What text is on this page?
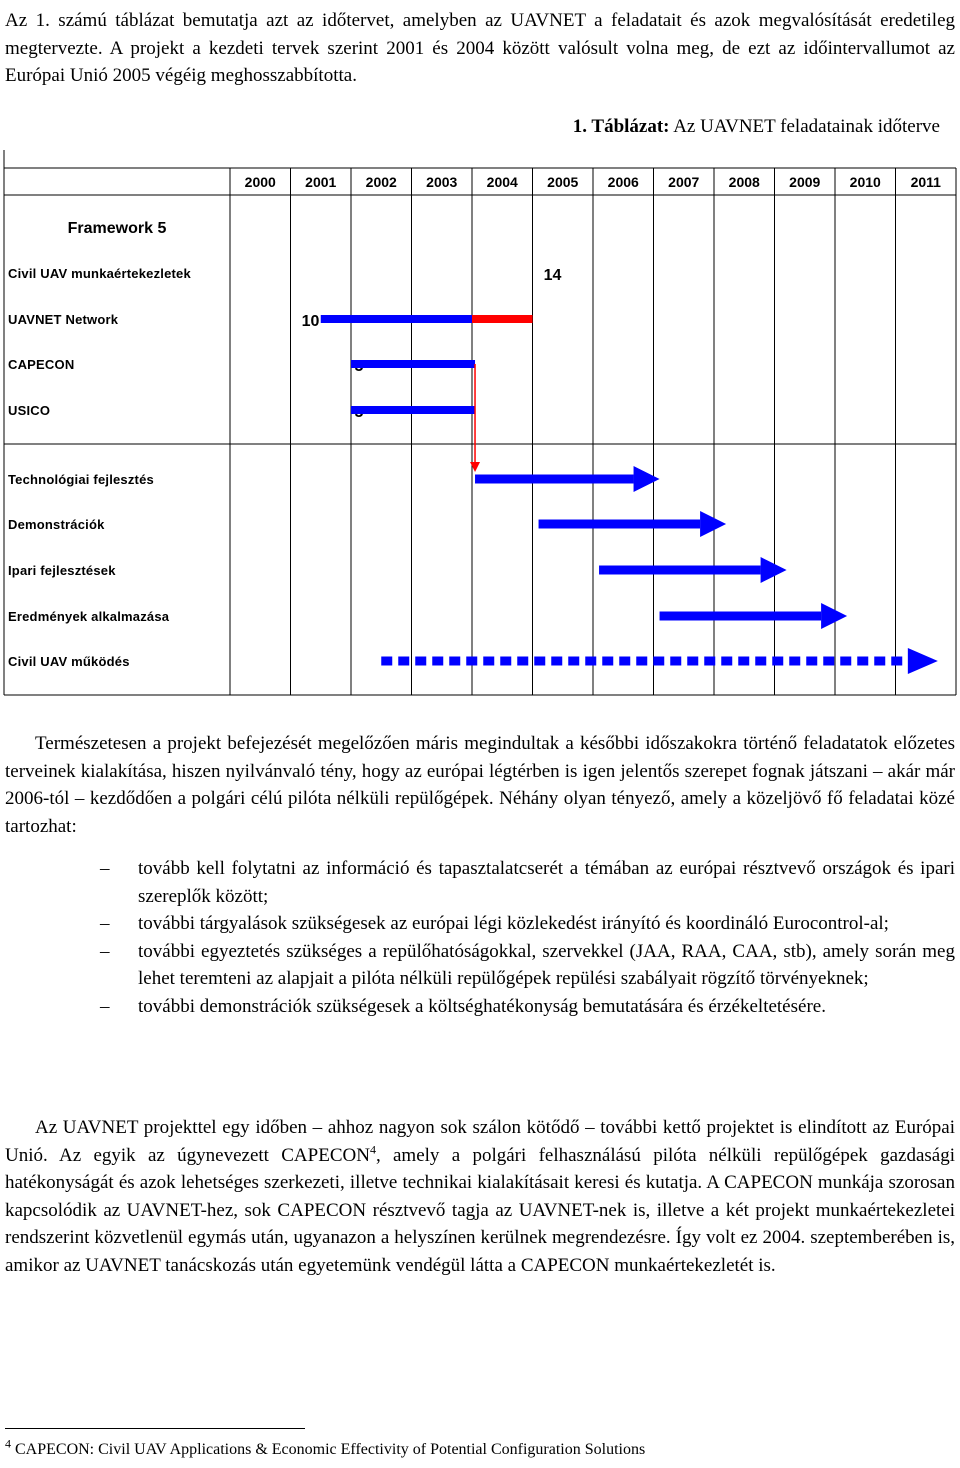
Az 1. számú táblázat bemutatja azt az időtervet, amelyben az UAVNET a feladatait és azok megvalósítását eredetileg megtervezte. A projekt a kezdeti tervek szerint 2001 és 2004 között valósult volna meg, de ezt az időintervallumot az Európai Unió 2005 végéig meghosszabbította.

1. Táblázat: Az UAVNET feladatainak időterve
2000 2001 2002 2003 2004 2005 2006 2007 2008 2009 2010 2011
Framework 5
Civil UAV munkaértekezletek	14
UAVNET Network	10
CAPECON
USICO
Technológiai fejlesztés
Demonstrációk
Ipari fejlesztések
Eredmények alkalmazása
Civil UAV működés

Természetesen a projekt befejezését megelőzően máris megindultak a későbbi időszakokra történő feladatatok előzetes terveinek kialakítása, hiszen nyilvánvaló tény, hogy az európai légtérben is igen jelentős szerepet fognak játszani – akár már 2006-tól – kezdődően a polgári célú pilóta nélküli repülőgépek. Néhány olyan tényező, amely a közeljövő fő feladatai közé tartozhat:

– tovább kell folytatni az információ és tapasztalatcserét a témában az európai résztvevő országok és ipari szereplők között;
– további tárgyalások szükségesek az európai légi közlekedést irányító és koordináló Eurocontrol-al;
– további egyeztetés szükséges a repülőhatóságokkal, szervekkel (JAA, RAA, CAA, stb), amely során meg lehet teremteni az alapjait a pilóta nélküli repülőgépek repülési szabályait rögzítő törvényeknek;
– további demonstrációk szükségesek a költséghatékonyság bemutatására és érzékeltetésére.

Az UAVNET projekttel egy időben – ahhoz nagyon sok szálon kötődő – további kettő projektet is elindított az Európai Unió. Az egyik az úgynevezett CAPECON$^4$, amely a polgári felhasználású pilóta nélküli repülőgépek gazdasági hatékonyságát és azok lehetséges szerkezeti, illetve technikai kialakításait keresi és kutatja. A CAPECON munkája szorosan kapcsolódik az UAVNET-hez, sok CAPECON résztvevő tagja az UAVNET-nek is, illetve a két projekt munkaértekezletei rendszerint közvetlenül egymás után, ugyanazon a helyszínen kerülnek megrendezésre. Így volt ez 2004. szeptemberében is, amikor az UAVNET tanácskozás után egyetemünk vendégül látta a CAPECON munkaértekezletét is.

$^4$ CAPECON: Civil UAV Applications & Economic Effectivity of Potential Configuration Solutions
